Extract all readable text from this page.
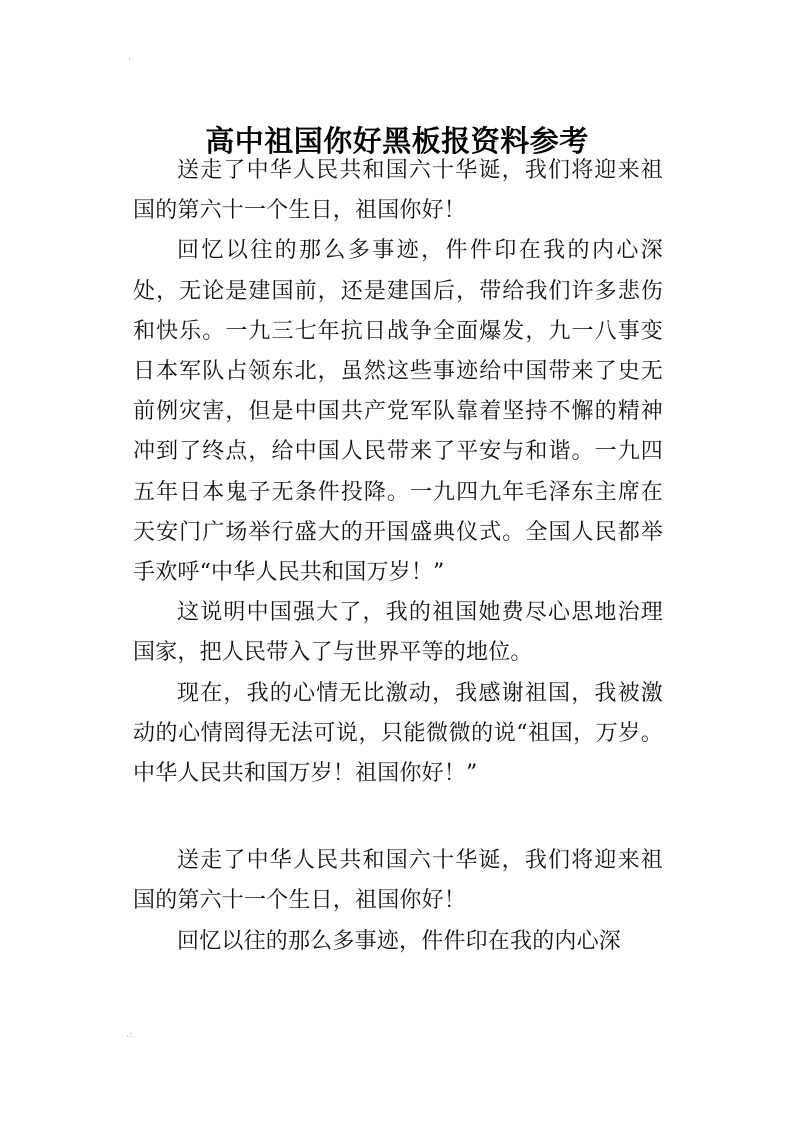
'
高中祖国你好黑板报资料参考

送走了中华人民共和国六十华诞，我们将迎来祖国的第六十一个生日，祖国你好！

回忆以往的那么多事迹，件件印在我的内心深处，无论是建国前，还是建国后，带给我们许多悲伤和快乐。一九三七年抗日战争全面爆发，九一八事变日本军队占领东北，虽然这些事迹给中国带来了史无前例灾害，但是中国共产党军队靠着坚持不懈的精神冲到了终点，给中国人民带来了平安与和谐。一九四五年日本鬼子无条件投降。一九四九年毛泽东主席在天安门广场举行盛大的开国盛典仪式。全国人民都举手欢呼“中华人民共和国万岁！”

这说明中国强大了，我的祖国她费尽心思地治理国家，把人民带入了与世界平等的地位。

现在，我的心情无比激动，我感谢祖国，我被激动的心情罔得无法可说，只能微微的说“祖国，万岁。中华人民共和国万岁！祖国你好！”

送走了中华人民共和国六十华诞，我们将迎来祖国的第六十一个生日，祖国你好！

回忆以往的那么多事迹，件件印在我的内心深

.:
